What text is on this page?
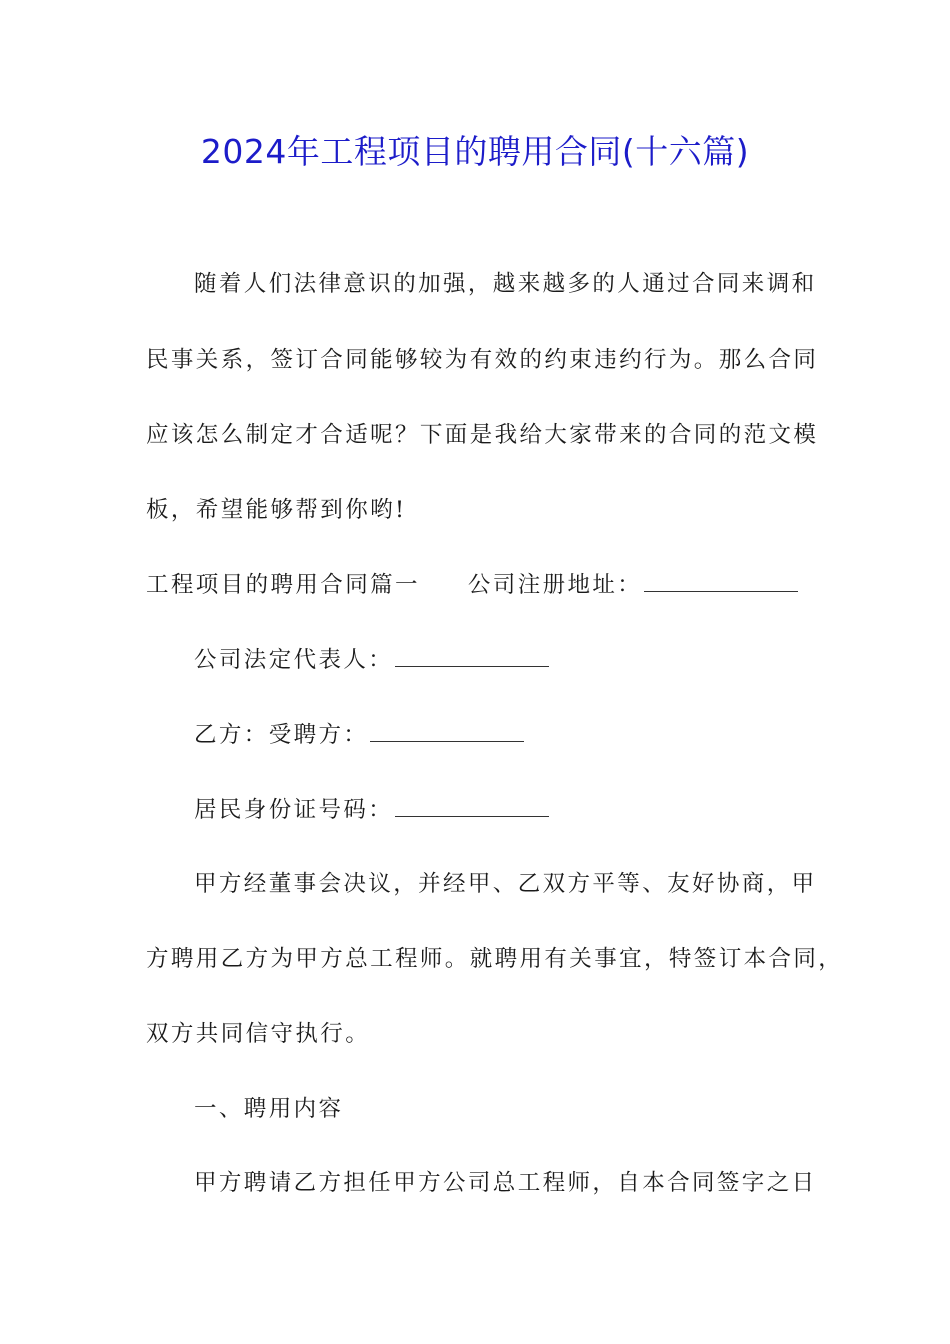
2024年工程项目的聘用合同(十六篇)
随着人们法律意识的加强，越来越多的人通过合同来调和
民事关系，签订合同能够较为有效的约束违约行为。那么合同
应该怎么制定才合适呢？下面是我给大家带来的合同的范文模
板，希望能够帮到你哟!
工程项目的聘用合同篇一 公司注册地址：
公司法定代表人：
乙方：受聘方：
居民身份证号码：
甲方经董事会决议，并经甲、乙双方平等、友好协商，甲
方聘用乙方为甲方总工程师。就聘用有关事宜，特签订本合同，
双方共同信守执行。
一、聘用内容
甲方聘请乙方担任甲方公司总工程师，自本合同签字之日
